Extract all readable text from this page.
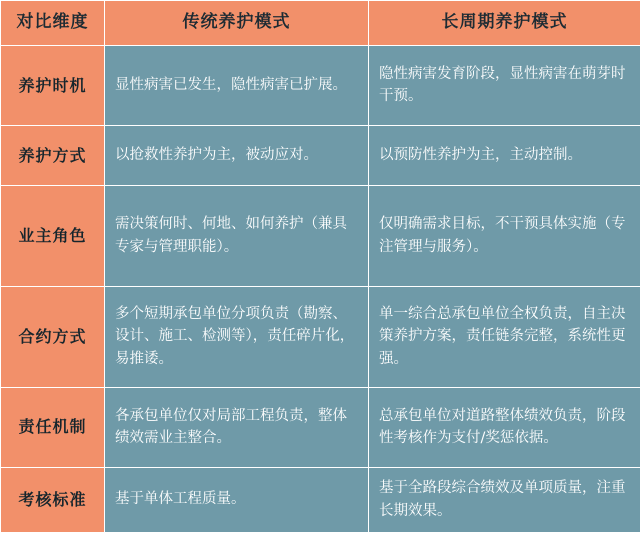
对比维度	传统养护模式	长周期养护模式

养护时机	显性病害已发生，隐性病害已扩展。	隐性病害发育阶段，显性病害在萌芽时干预。

养护方式	以抢救性养护为主，被动应对。	以预防性养护为主，主动控制。

业主角色	需决策何时、何地、如何养护（兼具专家与管理职能）。	仅明确需求目标，不干预具体实施（专注管理与服务）。

合约方式	多个短期承包单位分项负责（勘察、设计、施工、检测等），责任碎片化，易推诿。	单一综合总承包单位全权负责，自主决策养护方案，责任链条完整，系统性更强。

责任机制	各承包单位仅对局部工程负责，整体绩效需业主整合。	总承包单位对道路整体绩效负责，阶段性考核作为支付/奖惩依据。

考核标准	基于单体工程质量。	基于全路段综合绩效及单项质量，注重长期效果。
